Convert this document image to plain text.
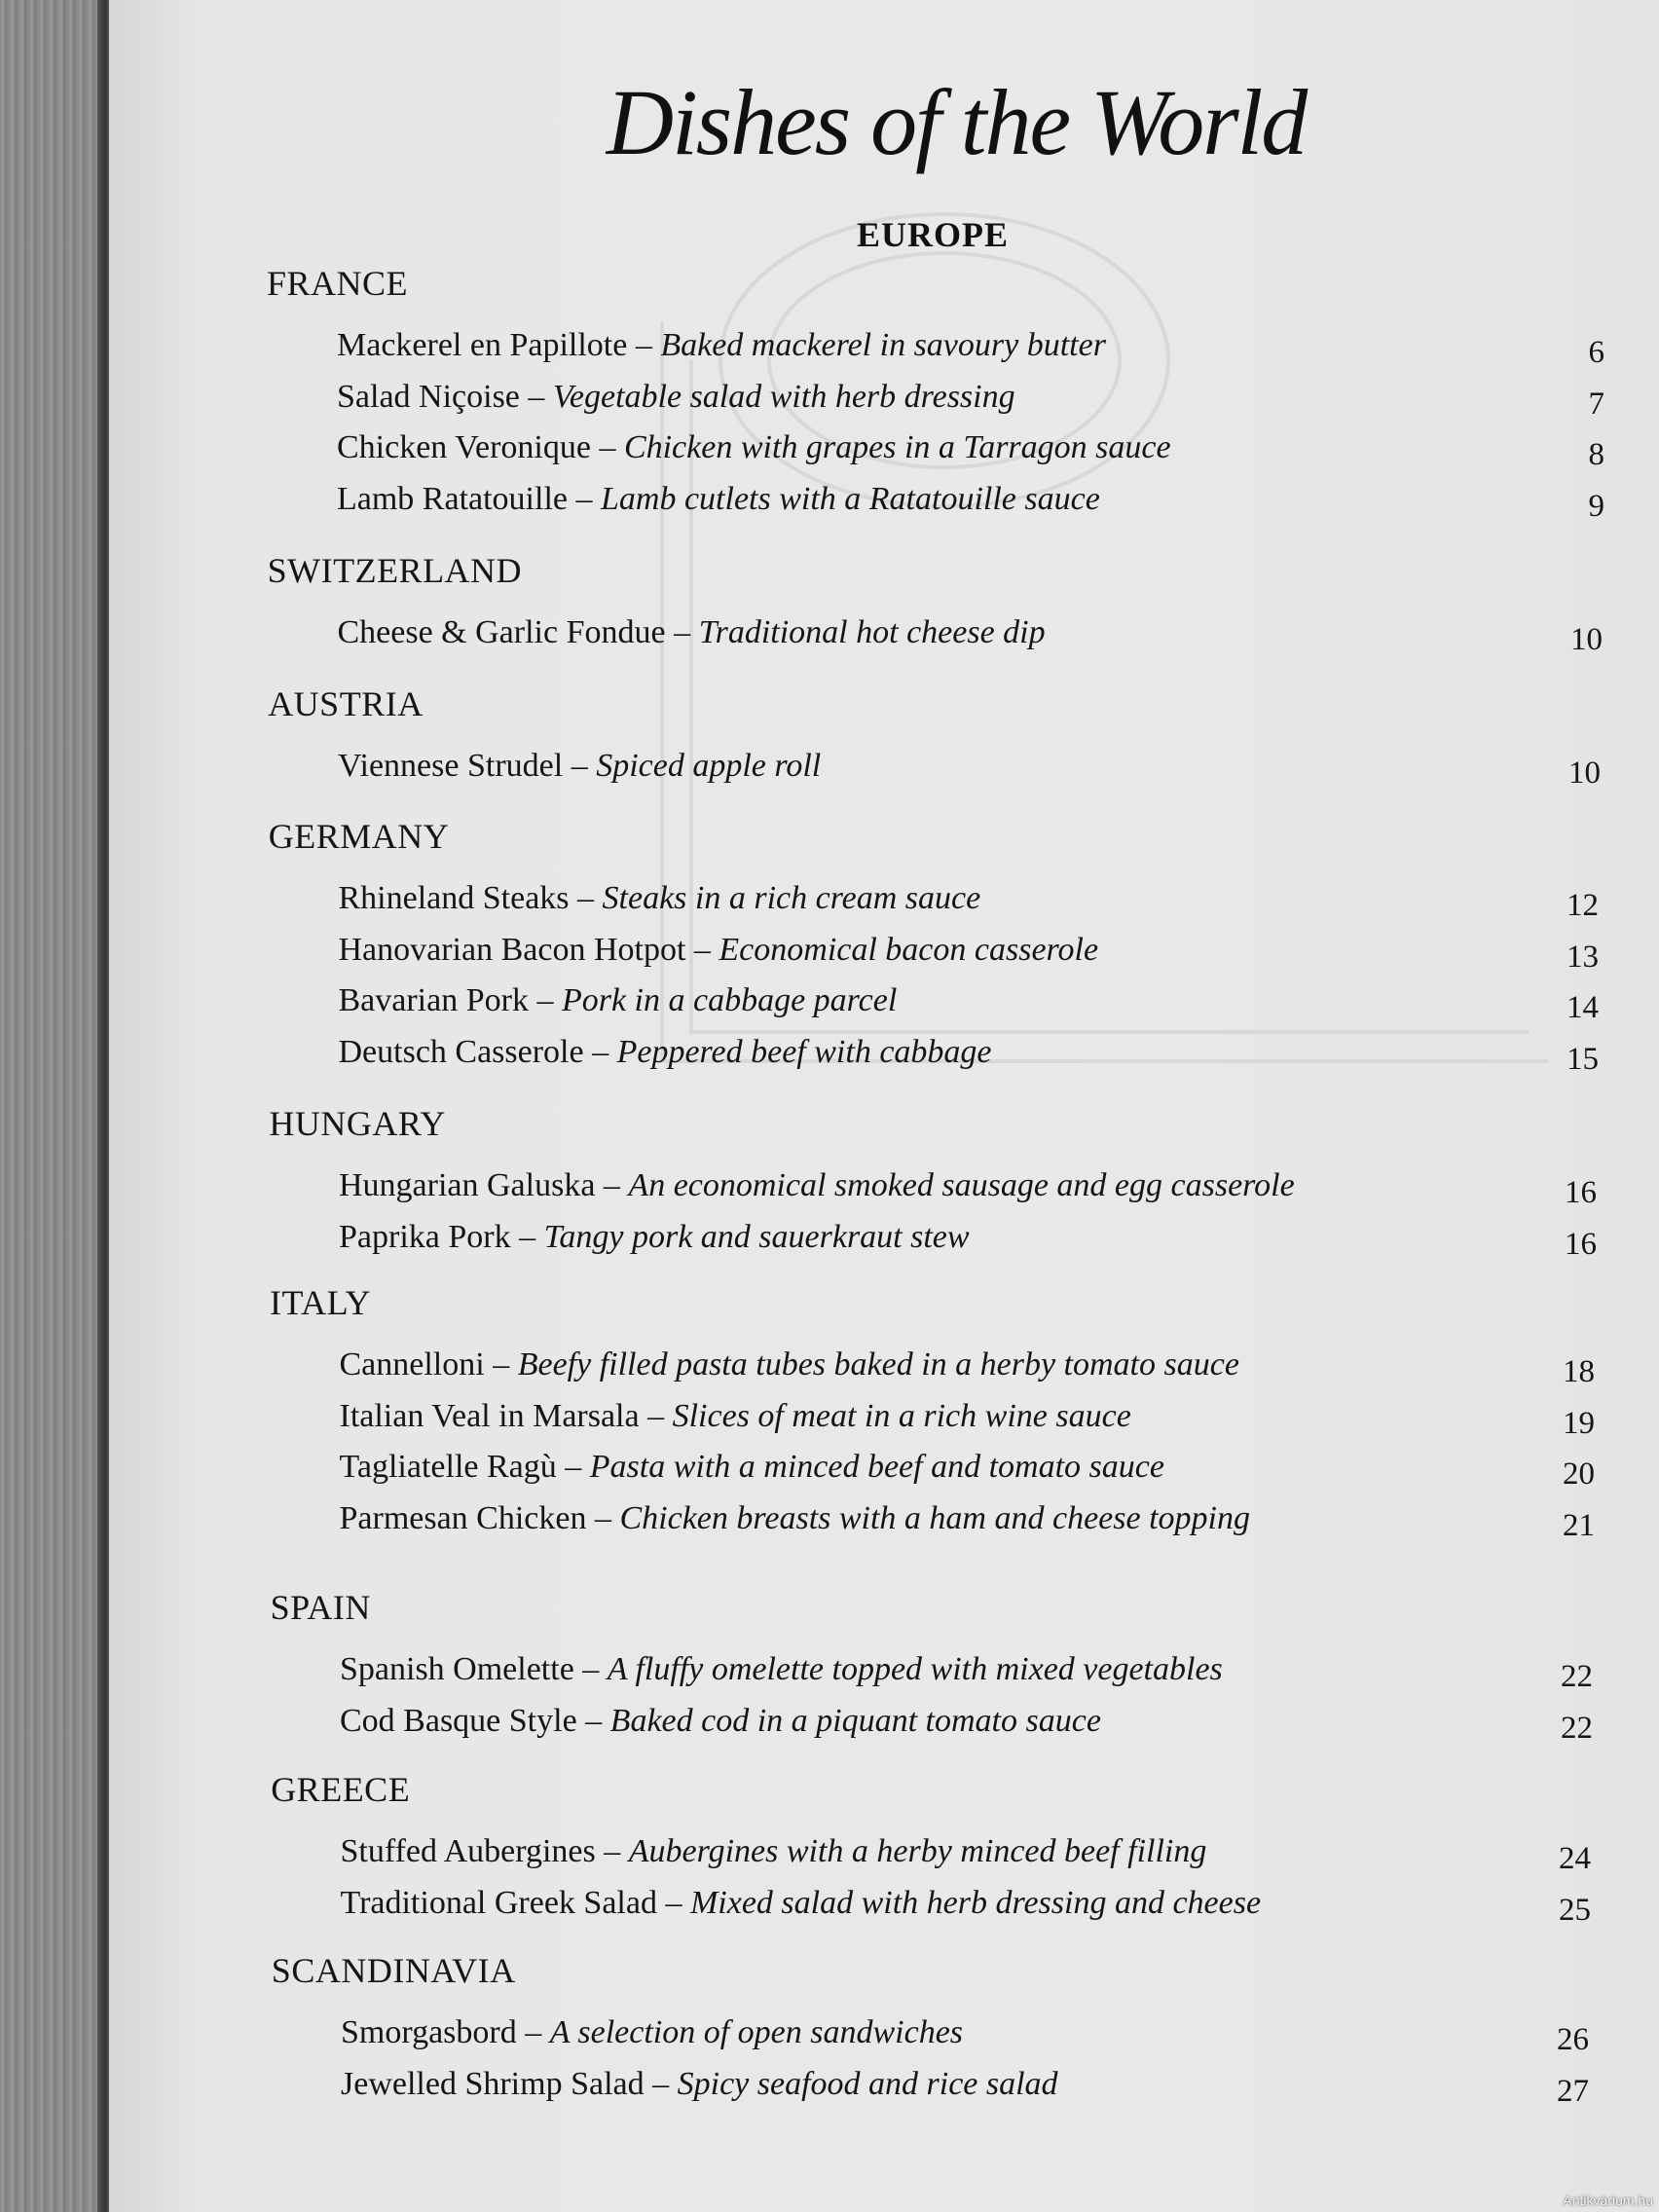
Dishes of the World
EUROPE
FRANCE
Mackerel en Papillote – Baked mackerel in savoury butter	6
Salad Niçoise – Vegetable salad with herb dressing	7
Chicken Veronique – Chicken with grapes in a Tarragon sauce	8
Lamb Ratatouille – Lamb cutlets with a Ratatouille sauce	9
SWITZERLAND
Cheese & Garlic Fondue – Traditional hot cheese dip	10
AUSTRIA
Viennese Strudel – Spiced apple roll	10
GERMANY
Rhineland Steaks – Steaks in a rich cream sauce	12
Hanovarian Bacon Hotpot – Economical bacon casserole	13
Bavarian Pork – Pork in a cabbage parcel	14
Deutsch Casserole – Peppered beef with cabbage	15
HUNGARY
Hungarian Galuska – An economical smoked sausage and egg casserole	16
Paprika Pork – Tangy pork and sauerkraut stew	16
ITALY
Cannelloni – Beefy filled pasta tubes baked in a herby tomato sauce	18
Italian Veal in Marsala – Slices of meat in a rich wine sauce	19
Tagliatelle Ragù – Pasta with a minced beef and tomato sauce	20
Parmesan Chicken – Chicken breasts with a ham and cheese topping	21
SPAIN
Spanish Omelette – A fluffy omelette topped with mixed vegetables	22
Cod Basque Style – Baked cod in a piquant tomato sauce	22
GREECE
Stuffed Aubergines – Aubergines with a herby minced beef filling	24
Traditional Greek Salad – Mixed salad with herb dressing and cheese	25
SCANDINAVIA
Smorgasbord – A selection of open sandwiches	26
Jewelled Shrimp Salad – Spicy seafood and rice salad	27
Antikvárium.hu
